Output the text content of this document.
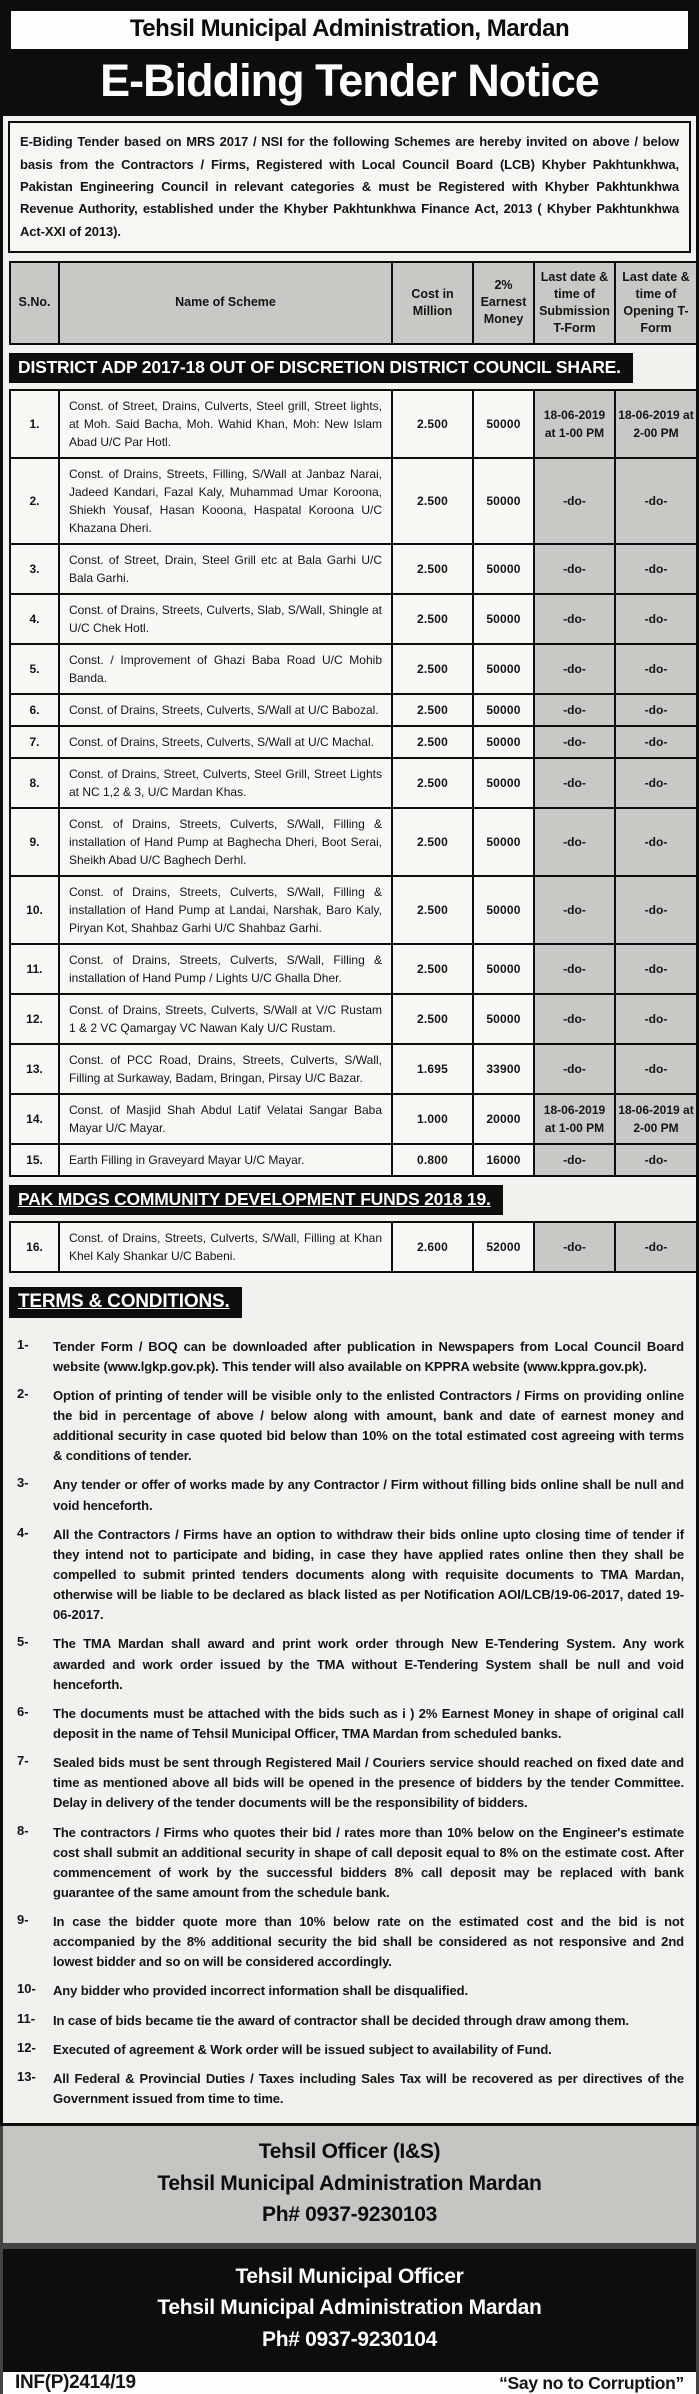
Tehsil Municipal Administration, Mardan
E-Bidding Tender Notice
E-Biding Tender based on MRS 2017 / NSI for the following Schemes are hereby invited on above / below basis from the Contractors / Firms, Registered with Local Council Board (LCB) Khyber Pakhtunkhwa, Pakistan Engineering Council in relevant categories & must be Registered with Khyber Pakhtunkhwa Revenue Authority, established under the Khyber Pakhtunkhwa Finance Act, 2013 ( Khyber Pakhtunkhwa Act-XXI of 2013).
S.No.	Name of Scheme	Cost in Million	2% Earnest Money	Last date & time of Submission T-Form	Last date & time of Opening T-Form
DISTRICT ADP 2017-18 OUT OF DISCRETION DISTRICT COUNCIL SHARE.
1.	Const. of Street, Drains, Culverts, Steel grill, Street lights, at Moh. Said Bacha, Moh. Wahid Khan, Moh: New Islam Abad U/C Par Hotl.	2.500	50000	18-06-2019 at 1-00 PM	18-06-2019 at 2-00 PM
2.	Const. of Drains, Streets, Filling, S/Wall at Janbaz Narai, Jadeed Kandari, Fazal Kaly, Muhammad Umar Koroona, Shiekh Yousaf, Hasan Kooona, Haspatal Koroona U/C Khazana Dheri.	2.500	50000	-do-	-do-
3.	Const. of Street, Drain, Steel Grill etc at Bala Garhi U/C Bala Garhi.	2.500	50000	-do-	-do-
4.	Const. of Drains, Streets, Culverts, Slab, S/Wall, Shingle at U/C Chek Hotl.	2.500	50000	-do-	-do-
5.	Const. / Improvement of Ghazi Baba Road U/C Mohib Banda.	2.500	50000	-do-	-do-
6.	Const. of Drains, Streets, Culverts, S/Wall at U/C Babozal.	2.500	50000	-do-	-do-
7.	Const. of Drains, Streets, Culverts, S/Wall at U/C Machal.	2.500	50000	-do-	-do-
8.	Const. of Drains, Street, Culverts, Steel Grill, Street Lights at NC 1,2 & 3, U/C Mardan Khas.	2.500	50000	-do-	-do-
9.	Const. of Drains, Streets, Culverts, S/Wall, Filling & installation of Hand Pump at Baghecha Dheri, Boot Serai, Sheikh Abad U/C Baghech Derhl.	2.500	50000	-do-	-do-
10.	Const. of Drains, Streets, Culverts, S/Wall, Filling & installation of Hand Pump at Landai, Narshak, Baro Kaly, Piryan Kot, Shahbaz Garhi U/C Shahbaz Garhi.	2.500	50000	-do-	-do-
11.	Const. of Drains, Streets, Culverts, S/Wall, Filling & installation of Hand Pump / Lights U/C Ghalla Dher.	2.500	50000	-do-	-do-
12.	Const. of Drains, Streets, Culverts, S/Wall at V/C Rustam 1 & 2 VC Qamargay VC Nawan Kaly U/C Rustam.	2.500	50000	-do-	-do-
13.	Const. of PCC Road, Drains, Streets, Culverts, S/Wall, Filling at Surkaway, Badam, Bringan, Pirsay U/C Bazar.	1.695	33900	-do-	-do-
14.	Const. of Masjid Shah Abdul Latif Velatai Sangar Baba Mayar U/C Mayar.	1.000	20000	18-06-2019 at 1-00 PM	18-06-2019 at 2-00 PM
15.	Earth Filling in Graveyard Mayar U/C Mayar.	0.800	16000	-do-	-do-
PAK MDGS COMMUNITY DEVELOPMENT FUNDS 2018 19.
16.	Const. of Drains, Streets, Culverts, S/Wall, Filling at Khan Khel Kaly Shankar U/C Babeni.	2.600	52000	-do-	-do-
TERMS & CONDITIONS.
1-	Tender Form / BOQ can be downloaded after publication in Newspapers from Local Council Board website (www.lgkp.gov.pk). This tender will also available on KPPRA website (www.kppra.gov.pk).
2-	Option of printing of tender will be visible only to the enlisted Contractors / Firms on providing online the bid in percentage of above / below along with amount, bank and date of earnest money and additional security in case quoted bid below than 10% on the total estimated cost agreeing with terms & conditions of tender.
3-	Any tender or offer of works made by any Contractor / Firm without filling bids online shall be null and void henceforth.
4-	All the Contractors / Firms have an option to withdraw their bids online upto closing time of tender if they intend not to participate and biding, in case they have applied rates online then they shall be compelled to submit printed tenders documents along with requisite documents to TMA Mardan, otherwise will be liable to be declared as black listed as per Notification AOI/LCB/19-06-2017, dated 19-06-2017.
5-	The TMA Mardan shall award and print work order through New E-Tendering System. Any work awarded and work order issued by the TMA without E-Tendering System shall be null and void henceforth.
6-	The documents must be attached with the bids such as i ) 2% Earnest Money in shape of original call deposit in the name of Tehsil Municipal Officer, TMA Mardan from scheduled banks.
7-	Sealed bids must be sent through Registered Mail / Couriers service should reached on fixed date and time as mentioned above all bids will be opened in the presence of bidders by the tender Committee. Delay in delivery of the tender documents will be the responsibility of bidders.
8-	The contractors / Firms who quotes their bid / rates more than 10% below on the Engineer's estimate cost shall submit an additional security in shape of call deposit equal to 8% on the estimate cost. After commencement of work by the successful bidders 8% call deposit may be replaced with bank guarantee of the same amount from the schedule bank.
9-	In case the bidder quote more than 10% below rate on the estimated cost and the bid is not accompanied by the 8% additional security the bid shall be considered as not responsive and 2nd lowest bidder and so on will be considered accordingly.
10-	Any bidder who provided incorrect information shall be disqualified.
11-	In case of bids became tie the award of contractor shall be decided through draw among them.
12-	Executed of agreement & Work order will be issued subject to availability of Fund.
13-	All Federal & Provincial Duties / Taxes including Sales Tax will be recovered as per directives of the Government issued from time to time.
Tehsil Officer (I&S)
Tehsil Municipal Administration Mardan
Ph# 0937-9230103
Tehsil Municipal Officer
Tehsil Municipal Administration Mardan
Ph# 0937-9230104
INF(P)2414/19	“Say no to Corruption”
